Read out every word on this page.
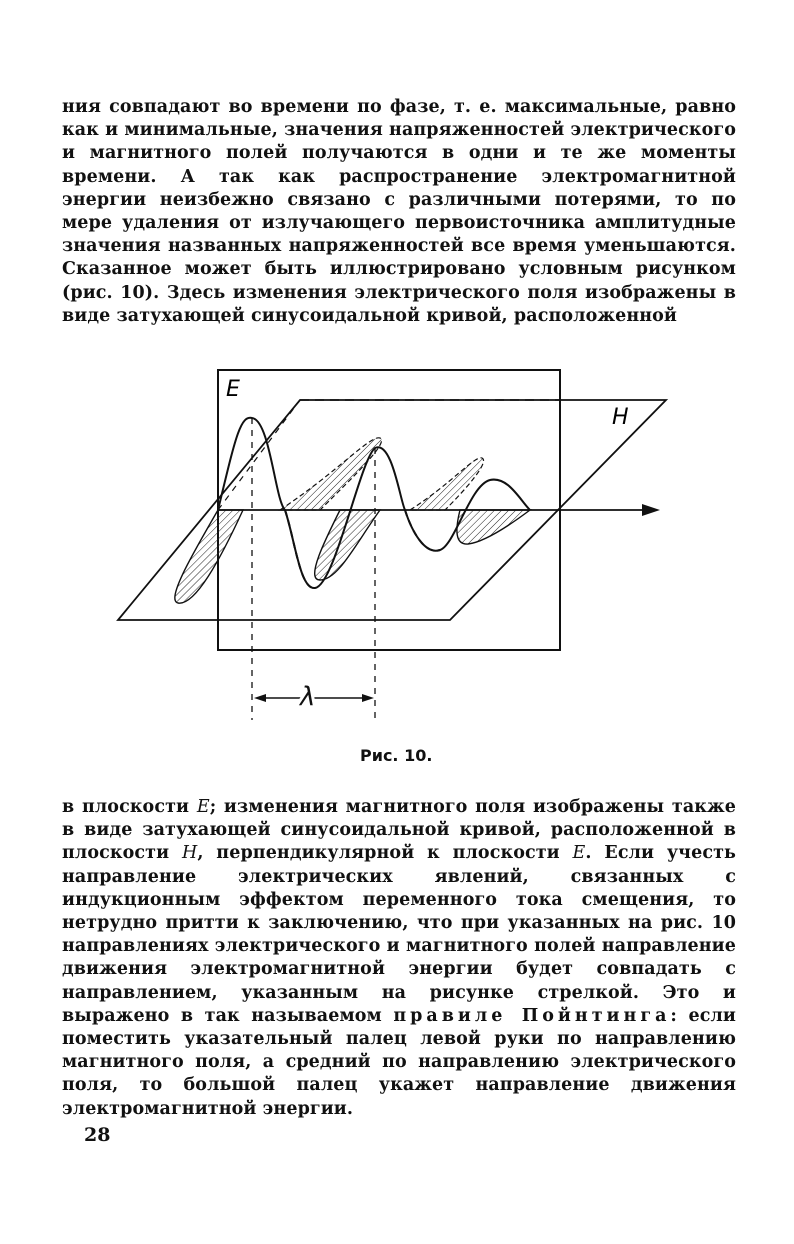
ния совпадают во времени по фазе, т. е. максимальные, равно как и минимальные, значения напряженностей электрического и магнитного полей получаются в одни и те же моменты времени. А так как распространение электромагнитной энергии неизбежно связано с различными потерями, то по мере удаления от излучающего первоисточника амплитудные значения названных напряженностей все время уменьшаются. Сказанное может быть иллюстрировано условным рисунком (рис. 10). Здесь изменения электрического поля изображены в виде затухающей синусоидальной кривой, расположенной

E
H
λ
Рис. 10.

в плоскости E; изменения магнитного поля изображены также в виде затухающей синусоидальной кривой, расположенной в плоскости H, перпендикулярной к плоскости E. Если учесть направление электрических явлений, связанных с индукционным эффектом переменного тока смещения, то нетрудно притти к заключению, что при указанных на рис. 10 направлениях электрического и магнитного полей направление движения электромагнитной энергии будет совпадать с направлением, указанным на рисунке стрелкой. Это и выражено в так называемом правиле Пойнтинга: если поместить указательный палец левой руки по направлению магнитного поля, а средний по направлению электрического поля, то большой палец укажет направление движения электромагнитной энергии.

28
